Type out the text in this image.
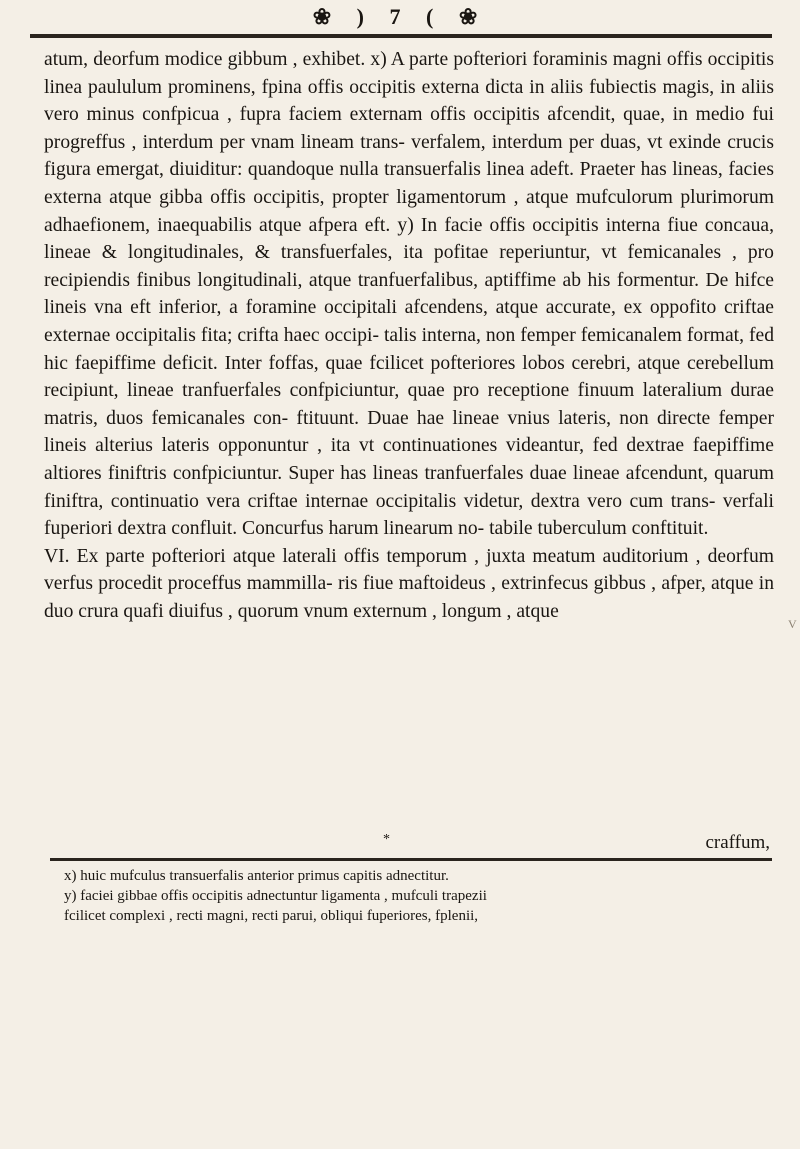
❀ ) 7 ( ❀

atum, deorfum modice gibbum , exhibet. x) A parte pofteriori foraminis magni offis occipitis linea paululum prominens, fpina offis occipitis externa dicta in aliis fubiectis magis, in aliis vero minus confpicua , fupra faciem externam offis occipitis afcendit, quae, in medio fui progreffus , interdum per vnam lineam trans- verfalem, interdum per duas, vt exinde crucis figura emergat, diuiditur: quandoque nulla transuerfalis linea adeft. Praeter has lineas, facies externa atque gibba offis occipitis, propter ligamentorum , atque mufculorum plurimorum adhaefionem, inaequabilis atque afpera eft. y) In facie offis occipitis interna fiue concaua, lineae & longitudinales, & transfuerfales, ita pofitae reperiuntur, vt femicanales , pro recipiendis finibus longitudinali, atque tranfuerfalibus, aptiffime ab his formentur. De hifce lineis vna eft inferior, a foramine occipitali afcendens, atque accurate, ex oppofito criftae externae occipitalis fita; crifta haec occipi- talis interna, non femper femicanalem format, fed hic faepiffime deficit. Inter foffas, quae fcilicet pofteriores lobos cerebri, atque cerebellum recipiunt, lineae tranfuerfales confpiciuntur, quae pro receptione finuum lateralium durae matris, duos femicanales con- ftituunt. Duae hae lineae vnius lateris, non directe femper lineis alterius lateris opponuntur , ita vt continuationes videantur, fed dextrae faepiffime altiores finiftris confpiciuntur. Super has lineas tranfuerfales duae lineae afcendunt, quarum finiftra, continuatio vera criftae internae occipitalis videtur, dextra vero cum trans- verfali fuperiori dextra confluit. Concurfus harum linearum no- tabile tuberculum conftituit.

VI. Ex parte pofteriori atque laterali offis temporum , juxta meatum auditorium , deorfum verfus procedit proceffus mammilla- ris fiue maftoideus , extrinfecus gibbus , afper, atque in duo crura quafi diuifus , quorum vnum externum , longum , atque

*	craffum,

x) huic mufculus transuerfalis anterior primus capitis adnectitur.

y) faciei gibbae offis occipitis adnectuntur ligamenta , mufculi trapezii

fcilicet complexi , recti magni, recti parui, obliqui fuperiores, fplenii,

V
